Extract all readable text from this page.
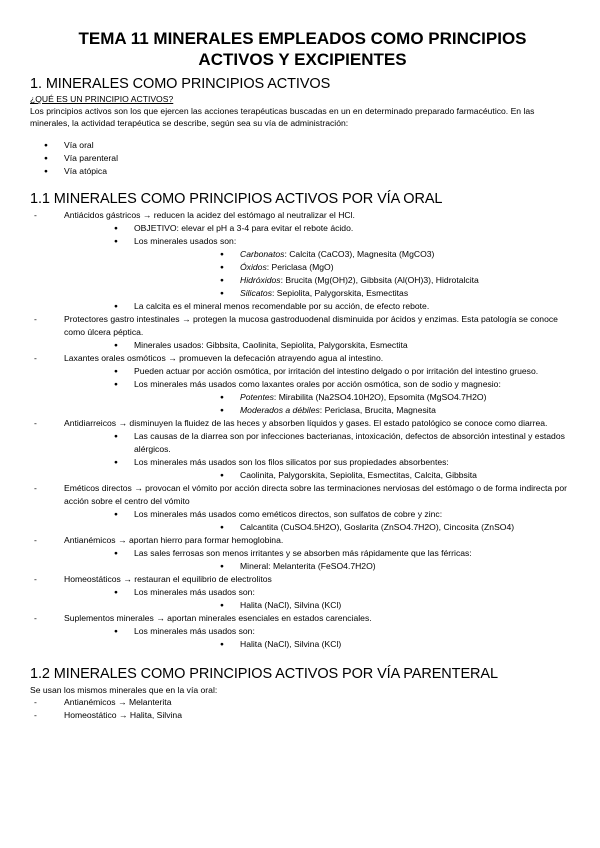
TEMA 11 MINERALES EMPLEADOS COMO PRINCIPIOS
ACTIVOS Y EXCIPIENTES
1. MINERALES COMO PRINCIPIOS ACTIVOS

¿QUÉ ES UN PRINCIPIO ACTIVOS?

Los principios activos son los que ejercen las acciones terapéuticas buscadas en un en determinado preparado farmacéutico. En las minerales, la actividad terapéutica se describe, según sea su vía de administración:

● Vía oral
● Vía parenteral
● Vía atópica
1.1 MINERALES COMO PRINCIPIOS ACTIVOS POR VÍA ORAL
- Antiácidos gástricos → reducen la acidez del estómago al neutralizar el HCl.
● OBJETIVO: elevar el pH a 3-4 para evitar el rebote ácido.
● Los minerales usados son:
● Carbonatos: Calcita (CaCO3), Magnesita (MgCO3)
● Óxidos: Periclasa (MgO)
● Hidróxidos: Brucita (Mg(OH)2), Gibbsita (Al(OH)3), Hidrotalcita
● Silicatos: Sepiolita, Palygorskita, Esmectitas
● La calcita es el mineral menos recomendable por su acción, de efecto rebote.
- Protectores gastro intestinales → protegen la mucosa gastroduodenal disminuida por ácidos y enzimas. Esta patología se conoce como úlcera péptica.
● Minerales usados: Gibbsita, Caolinita, Sepiolita, Palygorskita, Esmectita
- Laxantes orales osmóticos → promueven la defecación atrayendo agua al intestino.
● Pueden actuar por acción osmótica, por irritación del intestino delgado o por irritación del intestino grueso.
● Los minerales más usados como laxantes orales por acción osmótica, son de sodio y magnesio:
● Potentes: Mirabilita (Na2SO4.10H2O), Epsomita (MgSO4.7H2O)
● Moderados a débiles: Periclasa, Brucita, Magnesita
- Antidiarreicos → disminuyen la fluidez de las heces y absorben líquidos y gases. El estado patológico se conoce como diarrea.
● Las causas de la diarrea son por infecciones bacterianas, intoxicación, defectos de absorción intestinal y estados alérgicos.
● Los minerales más usados son los filos silicatos por sus propiedades absorbentes:
● Caolinita, Palygorskita, Sepiolita, Esmectitas, Calcita, Gibbsita
- Eméticos directos → provocan el vómito por acción directa sobre las terminaciones nerviosas del estómago o de forma indirecta por acción sobre el centro del vómito
● Los minerales más usados como eméticos directos, son sulfatos de cobre y zinc:
● Calcantita (CuSO4.5H2O), Goslarita (ZnSO4.7H2O), Cincosita (ZnSO4)
- Antianémicos → aportan hierro para formar hemoglobina.
● Las sales ferrosas son menos irritantes y se absorben más rápidamente que las férricas:
● Mineral: Melanterita (FeSO4.7H2O)
- Homeostáticos → restauran el equilibrio de electrolitos
● Los minerales más usados son:
● Halita (NaCl), Silvina (KCl)
- Suplementos minerales → aportan minerales esenciales en estados carenciales.
● Los minerales más usados son:
● Halita (NaCl), Silvina (KCl)
1.2 MINERALES COMO PRINCIPIOS ACTIVOS POR VÍA PARENTERAL

Se usan los mismos minerales que en la vía oral:

- Antianémicos → Melanterita
- Homeostático → Halita, Silvina
